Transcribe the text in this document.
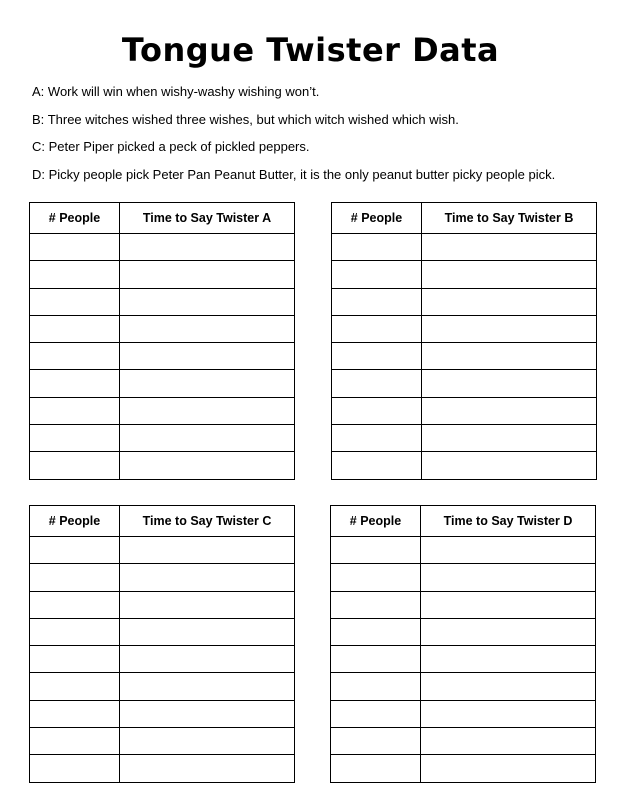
Tongue Twister Data
A: Work will win when wishy-washy wishing won’t.
B: Three witches wished three wishes, but which witch wished which wish.
C: Peter Piper picked a peck of pickled peppers.
D: Picky people pick Peter Pan Peanut Butter, it is the only peanut butter picky people pick.
# People	Time to Say Twister A

		# People	Time to Say Twister B

# People	Time to Say Twister C

		# People	Time to Say Twister D
